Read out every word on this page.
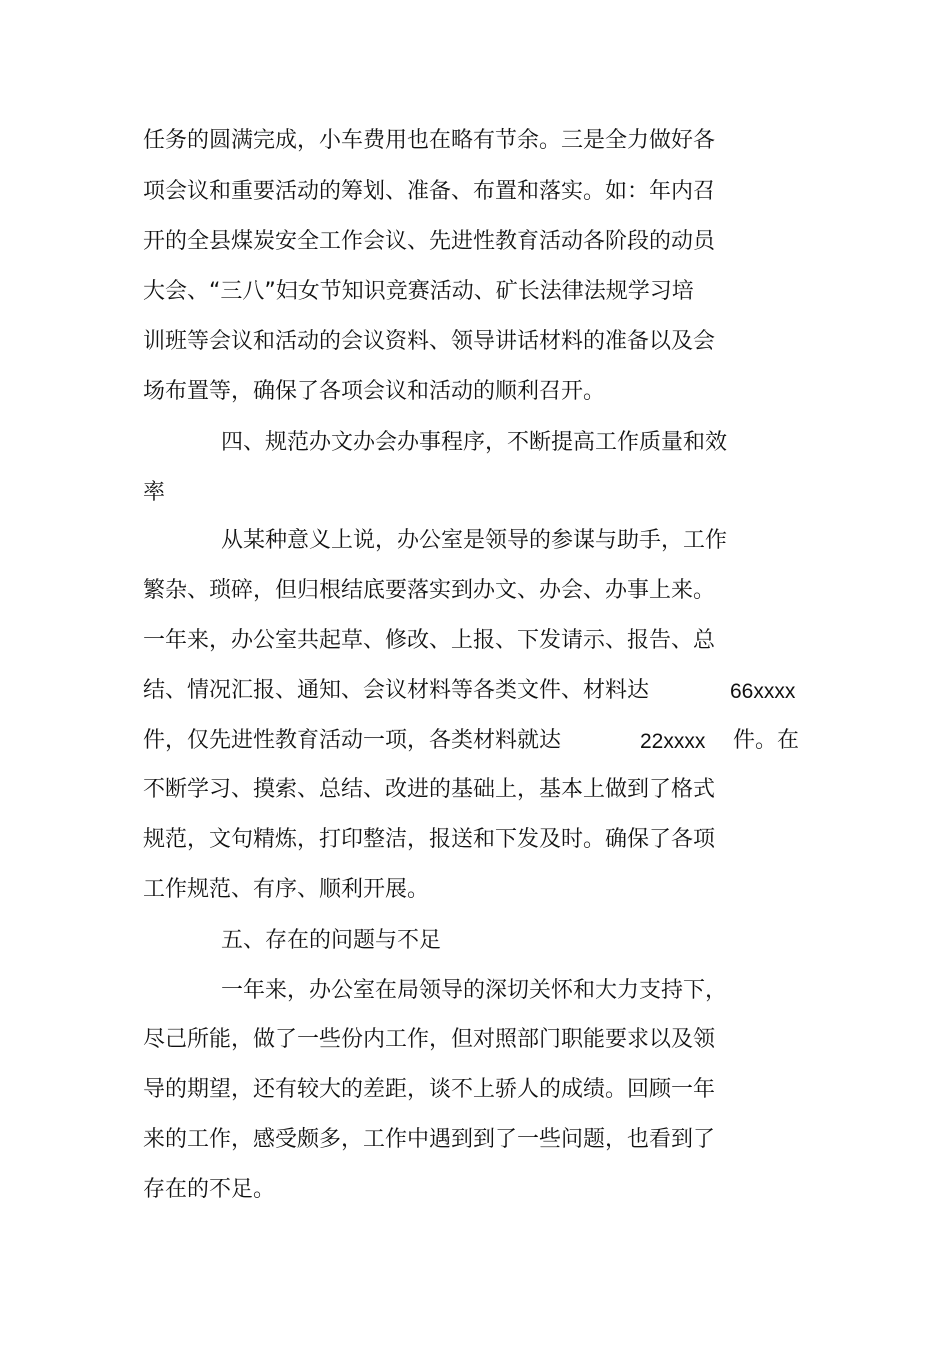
任务的圆满完成，小车费用也在略有节余。三是全力做好各
项会议和重要活动的筹划、准备、布置和落实。如：年内召
开的全县煤炭安全工作会议、先进性教育活动各阶段的动员
大会、“三八”妇女节知识竞赛活动、矿长法律法规学习培
训班等会议和活动的会议资料、领导讲话材料的准备以及会
场布置等，确保了各项会议和活动的顺利召开。
四、规范办文办会办事程序，不断提高工作质量和效
率
从某种意义上说，办公室是领导的参谋与助手，工作
繁杂、琐碎，但归根结底要落实到办文、办会、办事上来。
一年来，办公室共起草、修改、上报、下发请示、报告、总
结、情况汇报、通知、会议材料等各类文件、材料达	66xxxx
件，仅先进性教育活动一项，各类材料就达	22xxxx 件。在
不断学习、摸索、总结、改进的基础上，基本上做到了格式
规范，文句精炼，打印整洁，报送和下发及时。确保了各项
工作规范、有序、顺利开展。
五、存在的问题与不足
一年来，办公室在局领导的深切关怀和大力支持下，
尽己所能，做了一些份内工作，但对照部门职能要求以及领
导的期望，还有较大的差距，谈不上骄人的成绩。回顾一年
来的工作，感受颇多，工作中遇到到了一些问题，也看到了
存在的不足。
